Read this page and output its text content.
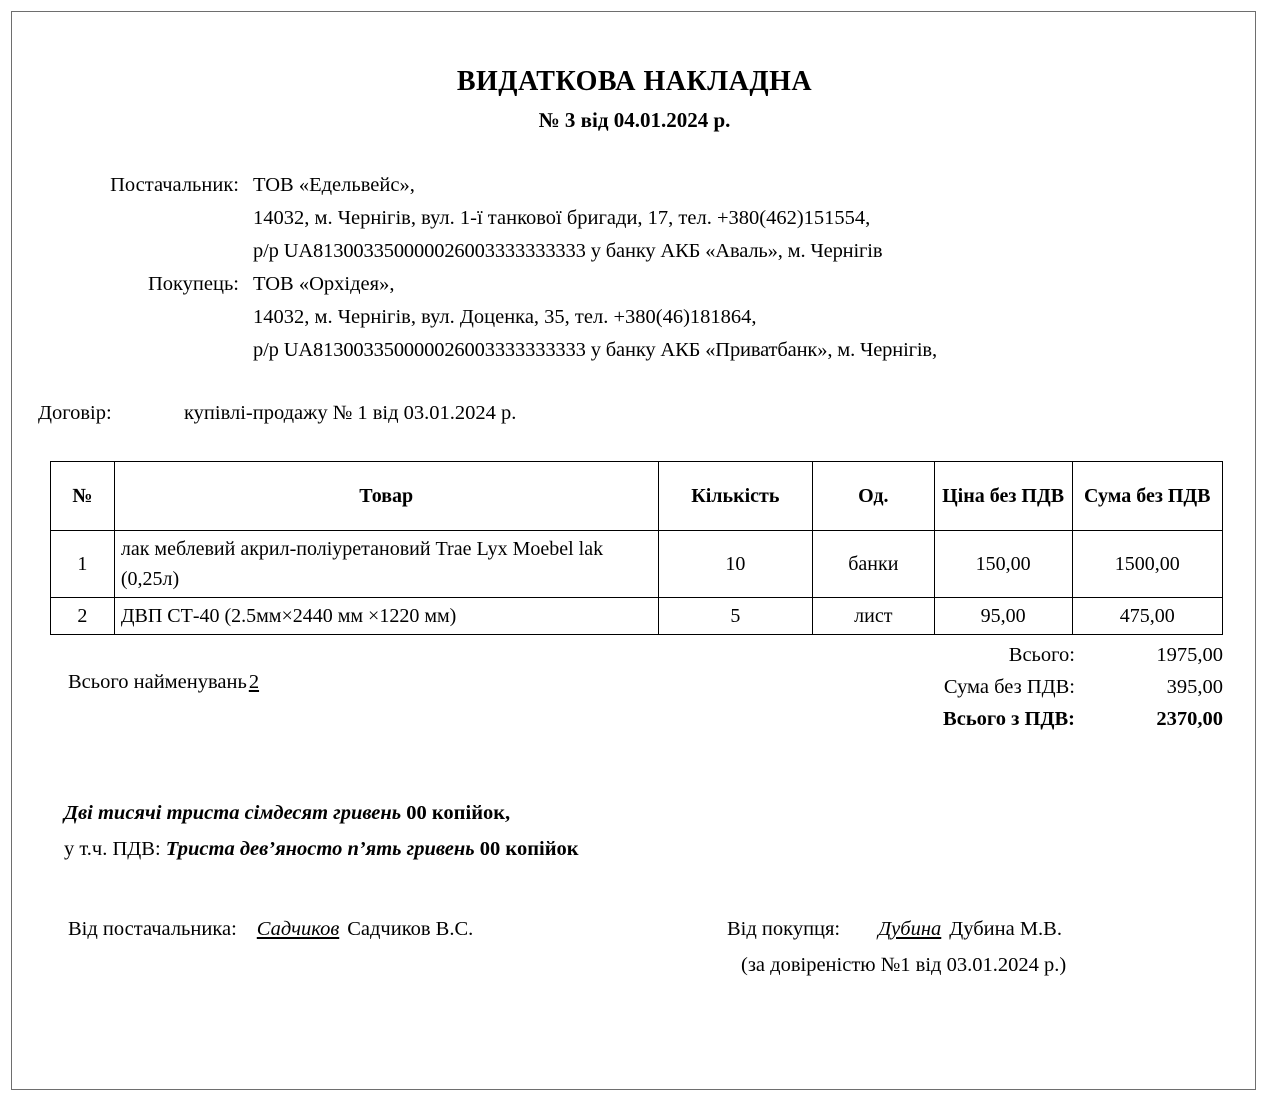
ВИДАТКОВА НАКЛАДНА
№ 3 від 04.01.2024 р.
Постачальник: ТОВ «Едельвейс»,
14032, м. Чернігів, вул. 1-ї танкової бригади, 17, тел. +380(462)151554,
р/р UA813003350000026003333333333 у банку АКБ «Аваль», м. Чернігів
Покупець: ТОВ «Орхідея»,
14032, м. Чернігів, вул. Доценка, 35, тел. +380(46)181864,
р/р UA813003350000026003333333333 у банку АКБ «Приватбанк», м. Чернігів,
Договір:	купівлі-продажу № 1 від 03.01.2024 р.
№	Товар	Кількість	Од.	Ціна без ПДВ	Сума без ПДВ
1	лак меблевий акрил-поліуретановий Trae Lyx Moebel lak (0,25л)	10	банки	150,00	1500,00
2	ДВП СТ-40 (2.5мм×2440 мм ×1220 мм)	5	лист	95,00	475,00
Всього найменувань2
Всього:	1975,00
Сума без ПДВ:	395,00
Всього з ПДВ:	2370,00
Дві тисячі триста сімдесят гривень 00 копійок,
у т.ч. ПДВ: Триста дев’яносто п’ять гривень 00 копійок
Від постачальника: Садчиков Садчиков В.С.	Від покупця: Дубина Дубина М.В.
(за довіреністю №1 від 03.01.2024 р.)
